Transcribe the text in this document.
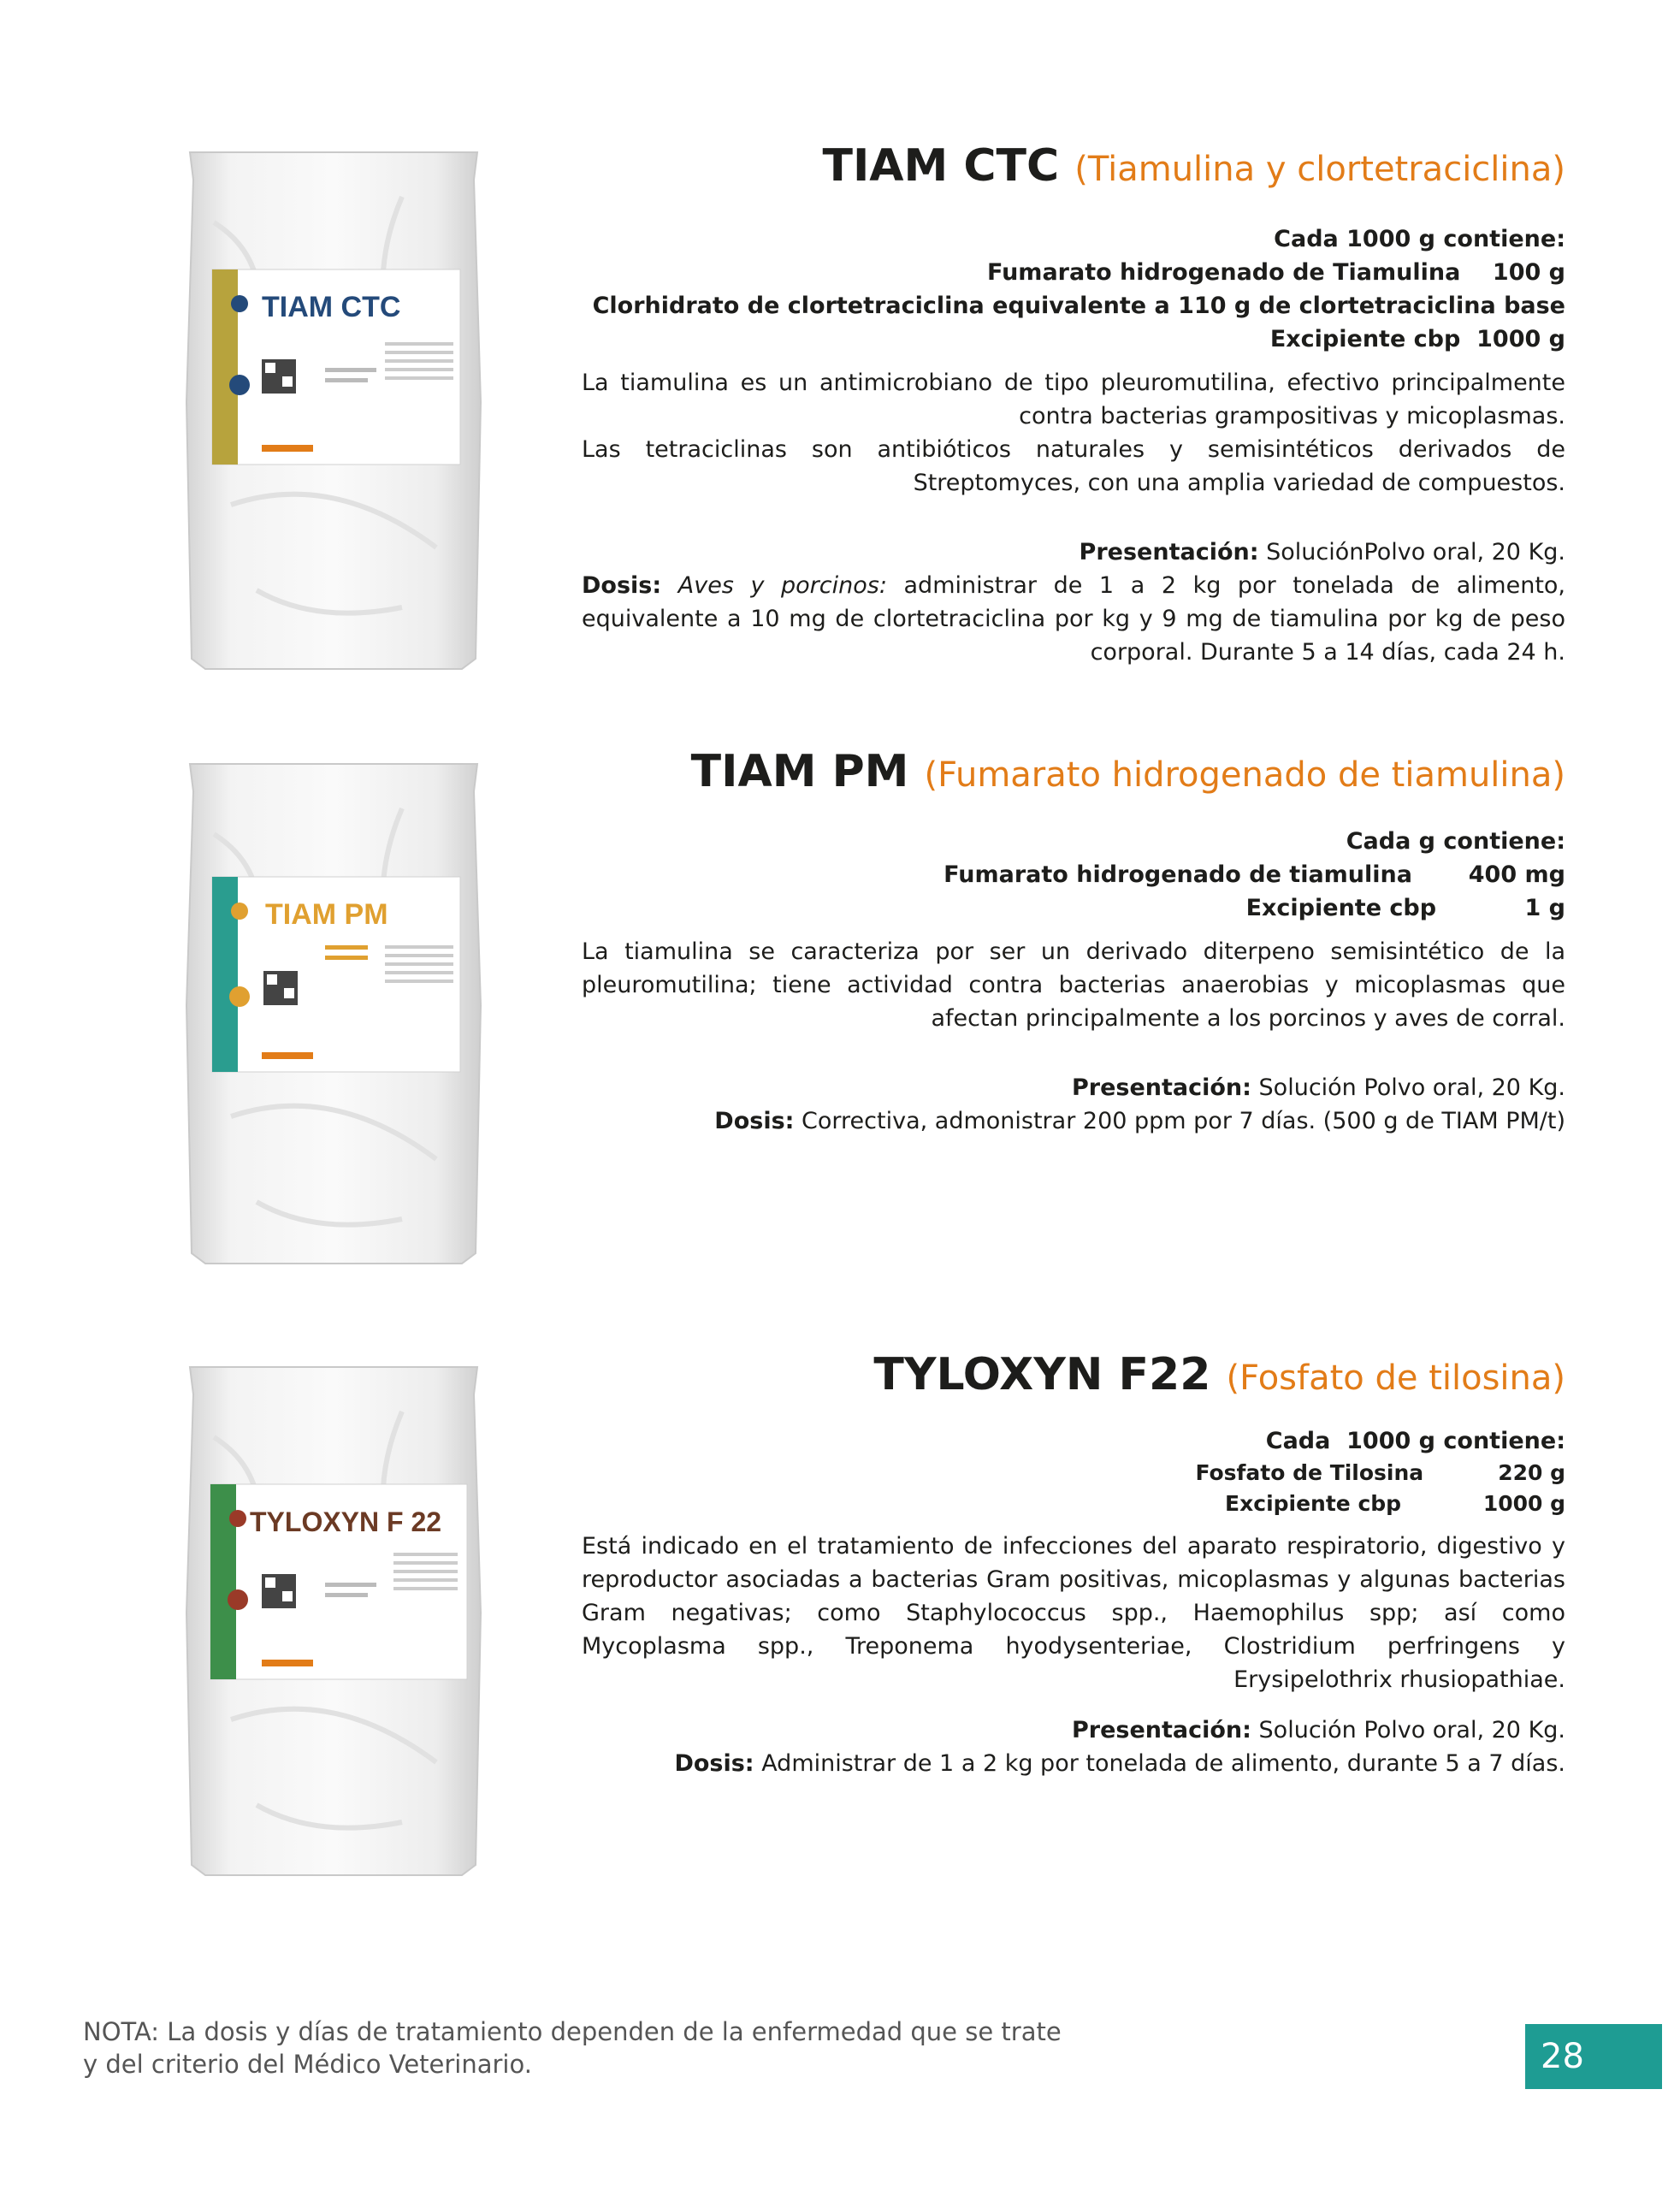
TIAM CTC
TIAM CTC (Tiamulina y clortetraciclina)
Cada 1000 g contiene:
Fumarato hidrogenado de Tiamulina    100 g
Clorhidrato de clortetraciclina equivalente a 110 g de clortetraciclina base
Excipiente cbp  1000 g

La tiamulina es un antimicrobiano de tipo pleuromutilina, efectivo principalmente contra bacterias grampositivas y micoplasmas.

Las tetraciclinas son antibióticos naturales y semisintéticos derivados de Streptomyces, con una amplia variedad de compuestos.

Presentación: SoluciónPolvo oral, 20 Kg.

Dosis: Aves y porcinos: administrar de 1 a 2 kg por tonelada de alimento, equivalente a 10 mg de clortetraciclina por kg y 9 mg de tiamulina por kg de peso corporal. Durante 5 a 14 días, cada 24 h.

TIAM PM
TIAM PM (Fumarato hidrogenado de tiamulina)
Cada g contiene:
Fumarato hidrogenado de tiamulina       400 mg
Excipiente cbp           1 g

La tiamulina se caracteriza por ser un derivado diterpeno semisintético de la pleuromutilina; tiene actividad contra bacterias anaerobias y micoplasmas que afectan principalmente a los porcinos y aves de corral.

Presentación: Solución Polvo oral, 20 Kg.

Dosis: Correctiva, admonistrar 200 ppm por 7 días. (500 g de TIAM PM/t)

TYLOXYN F 22
TYLOXYN F22 (Fosfato de tilosina)
Cada  1000 g contiene:
Fosfato de Tilosina          220 g
Excipiente cbp           1000 g

Está indicado en el tratamiento de infecciones del aparato respiratorio, digestivo y reproductor asociadas a bacterias Gram positivas, micoplasmas y algunas bacterias Gram negativas; como Staphylococcus spp., Haemophilus spp; así como Mycoplasma spp., Treponema hyodysenteriae, Clostridium perfringens y Erysipelothrix rhusiopathiae.

Presentación: Solución Polvo oral, 20 Kg.

Dosis: Administrar de 1 a 2 kg por tonelada de alimento, durante 5 a 7 días.

NOTA: La dosis y días de tratamiento dependen de la enfermedad que se trate
y del criterio del Médico Veterinario.	28
